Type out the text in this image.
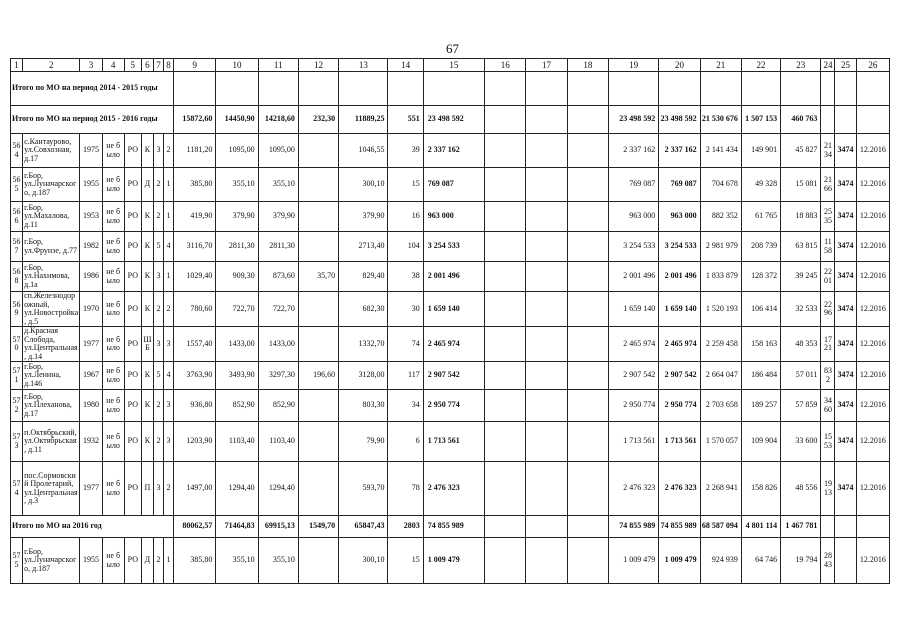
67
1	2	3	4	5	6	7	8	9	10	11	12	13	14	15	16	17	18	19	20	21	22	23	24	25	26
Итого по МО на период 2014 - 2015 годы																									
Итого по МО на период 2015 - 2016 годы								15872,60	14450,90	14218,60	232,30	11889,25	551	23 498 592				23 498 592	23 498 592	21 530 676	1 507 153	460 763			
564	с.Кантауровo, ул.Совхозная, д.17	1975	не было	РО	К	3	2	1181,20	1095,00	1095,00		1046,55	39	2 337 162				2 337 162	2 337 162	2 141 434	149 901	45 827	2134	3474	12.2016
565	г.Бор, ул.Луначарского, д.187	1955	не было	РО	Д	2	1	385,80	355,10	355,10		300,10	15	769 087				769 087	769 087	704 678	49 328	15 081	2166	3474	12.2016
566	г.Бор, ул.Махалова, д.11	1953	не было	РО	К	2	1	419,90	379,90	379,90		379,90	16	963 000				963 000	963 000	882 352	61 765	18 883	2535	3474	12.2016
567	г.Бор, ул.Фрунзе, д.77	1982	не было	РО	К	5	4	3116,70	2811,30	2811,30		2713,40	104	3 254 533				3 254 533	3 254 533	2 981 979	208 739	63 815	1158	3474	12.2016
568	г.Бор, ул.Нахимова, д.1а	1986	не было	РО	К	3	1	1029,40	909,30	873,60	35,70	829,40	38	2 001 496				2 001 496	2 001 496	1 833 879	128 372	39 245	2201	3474	12.2016
569	сп.Железнодорожный, ул.Новостройка, д.5	1970	не было	РО	К	2	2	780,60	722,70	722,70		682,30	30	1 659 140				1 659 140	1 659 140	1 520 193	106 414	32 533	2296	3474	12.2016
570	д.Красная Слобода, ул.Центральная, д.14	1977	не было	РО	ШБ	3	3	1557,40	1433,00	1433,00		1332,70	74	2 465 974				2 465 974	2 465 974	2 259 458	158 163	48 353	1721	3474	12.2016
571	г.Бор, ул.Ленина, д.146	1967	не было	РО	К	5	4	3763,90	3493,90	3297,30	196,60	3128,00	117	2 907 542				2 907 542	2 907 542	2 664 047	186 484	57 011	832	3474	12.2016
572	г.Бор, ул.Плеханова, д.17	1980	не было	РО	К	2	3	936,80	852,90	852,90		803,30	34	2 950 774				2 950 774	2 950 774	2 703 658	189 257	57 859	3460	3474	12.2016
573	п.Октябрьский, ул.Октябрьская, д.11	1932	не было	РО	К	2	3	1203,90	1103,40	1103,40		79,90	6	1 713 561				1 713 561	1 713 561	1 570 057	109 904	33 600	1553	3474	12.2016
574	пос.Сормовский Пролетарий, ул.Центральная, д.3	1977	не было	РО	П	3	2	1497,00	1294,40	1294,40		593,70	78	2 476 323				2 476 323	2 476 323	2 268 941	158 826	48 556	1913	3474	12.2016
Итого по МО на 2016 год								80062,57	71464,83	69915,13	1549,70	65847,43	2803	74 855 989				74 855 989	74 855 989	68 587 094	4 801 114	1 467 781			
575	г.Бор, ул.Луначарского, д.187	1955	не было	РО	Д	2	1	385,80	355,10	355,10		300,10	15	1 009 479				1 009 479	1 009 479	924 939	64 746	19 794	2843		12.2016
